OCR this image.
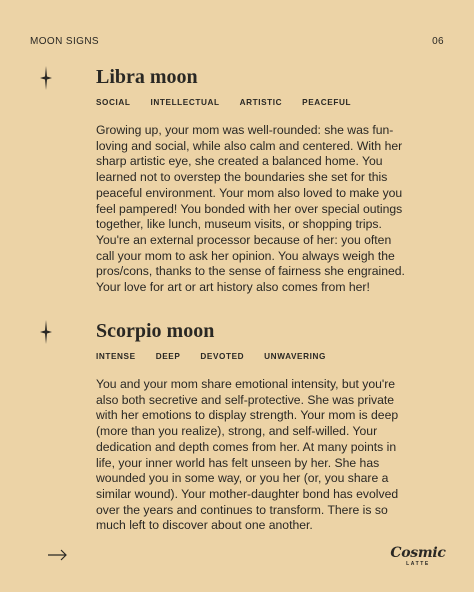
MOON SIGNS	06
Libra moon
SOCIAL INTELLECTUAL ARTISTIC PEACEFUL
Growing up, your mom was well-rounded: she was fun-loving and social, while also calm and centered. With her sharp artistic eye, she created a balanced home. You learned not to overstep the boundaries she set for this peaceful environment. Your mom also loved to make you feel pampered! You bonded with her over special outings together, like lunch, museum visits, or shopping trips. You're an external processor because of her: you often call your mom to ask her opinion. You always weigh the pros/cons, thanks to the sense of fairness she engrained. Your love for art or art history also comes from her!
Scorpio moon
INTENSE DEEP DEVOTED UNWAVERING
You and your mom share emotional intensity, but you're also both secretive and self-protective. She was private with her emotions to display strength. Your mom is deep (more than you realize), strong, and self-willed. Your dedication and depth comes from her. At many points in life, your inner world has felt unseen by her. She has wounded you in some way, or you her (or, you share a similar wound). Your mother-daughter bond has evolved over the years and continues to transform. There is so much left to discover about one another.
Cosmic
LATTE
